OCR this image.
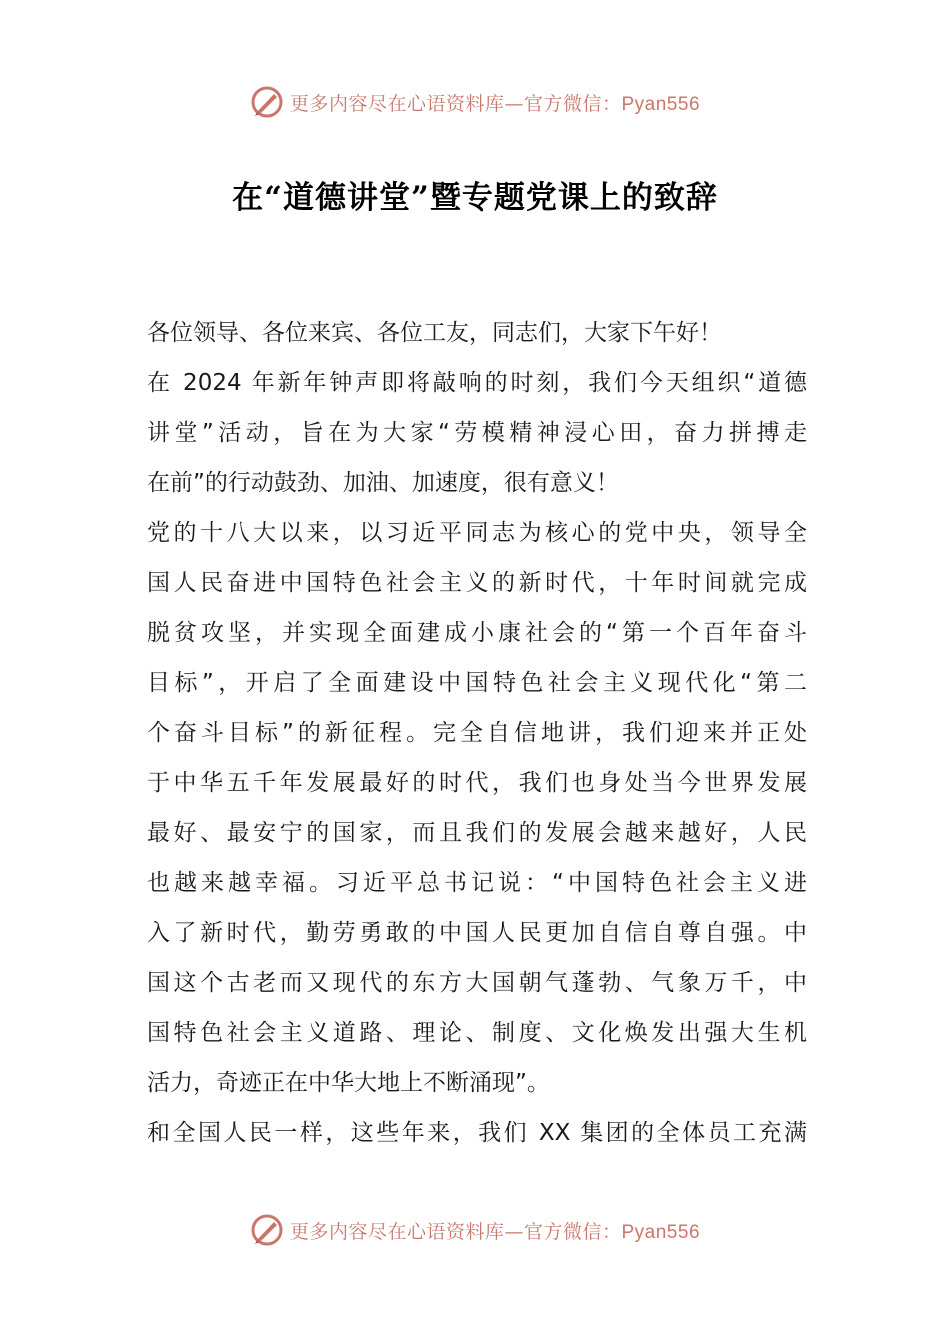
更多内容尽在心语资料库—官方微信：Pyan556
在“道德讲堂”暨专题党课上的致辞
各位领导、各位来宾、各位工友，同志们，大家下午好！
在 2024 年新年钟声即将敲响的时刻，我们今天组织“道德
讲堂”活动，旨在为大家“劳模精神浸心田，奋力拼搏走
在前”的行动鼓劲、加油、加速度，很有意义！
党的十八大以来，以习近平同志为核心的党中央，领导全
国人民奋进中国特色社会主义的新时代，十年时间就完成
脱贫攻坚，并实现全面建成小康社会的“第一个百年奋斗
目标”，开启了全面建设中国特色社会主义现代化“第二
个奋斗目标”的新征程。完全自信地讲，我们迎来并正处
于中华五千年发展最好的时代，我们也身处当今世界发展
最好、最安宁的国家，而且我们的发展会越来越好，人民
也越来越幸福。习近平总书记说：“中国特色社会主义进
入了新时代，勤劳勇敢的中国人民更加自信自尊自强。中
国这个古老而又现代的东方大国朝气蓬勃、气象万千，中
国特色社会主义道路、理论、制度、文化焕发出强大生机
活力，奇迹正在中华大地上不断涌现”。
和全国人民一样，这些年来，我们 XX 集团的全体员工充满
更多内容尽在心语资料库—官方微信：Pyan556
